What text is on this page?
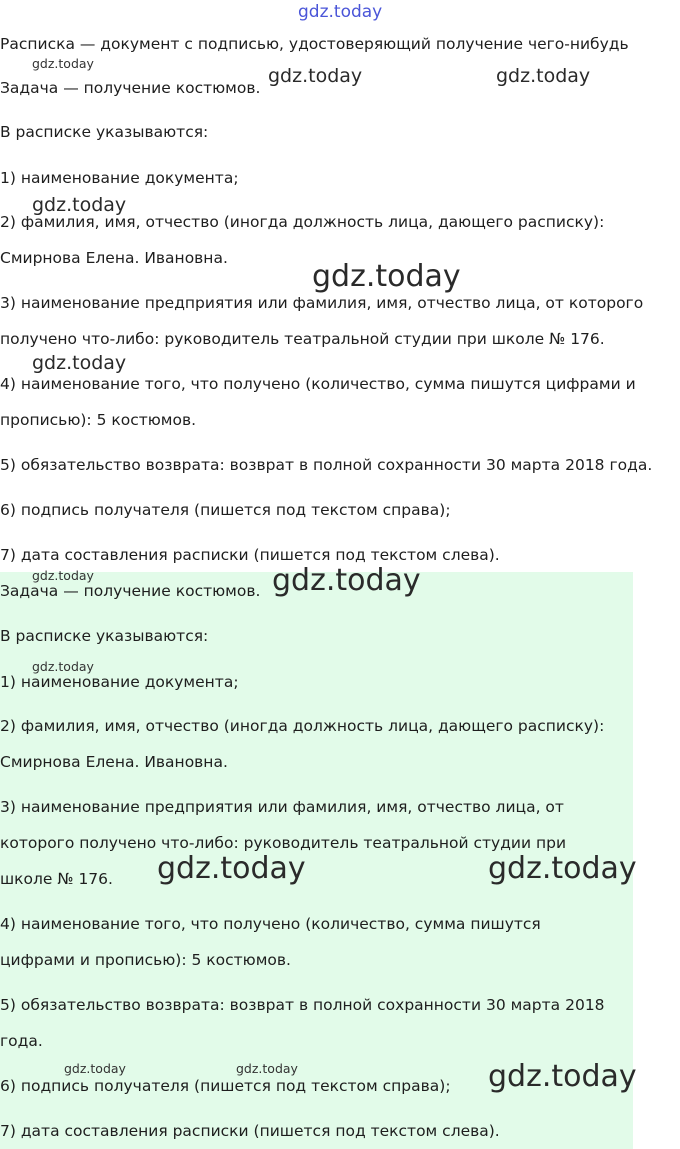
Расписка — документ с подписью, удостоверяющий получение чего-нибудь
Задача — получение костюмов.
В расписке указываются:
1) наименование документа;
2) фамилия, имя, отчество (иногда должность лица, дающего расписку):
Смирнова Елена. Ивановна.
3) наименование предприятия или фамилия, имя, отчество лица, от которого
получено что-либо: руководитель театральной студии при школе № 176.
4) наименование того, что получено (количество, сумма пишутся цифрами и
прописью): 5 костюмов.
5) обязательство возврата: возврат в полной сохранности 30 марта 2018 года.
6) подпись получателя (пишется под текстом справа);
7) дата составления расписки (пишется под текстом слева).
Задача — получение костюмов.
В расписке указываются:
1) наименование документа;
2) фамилия, имя, отчество (иногда должность лица, дающего расписку):
Смирнова Елена. Ивановна.
3) наименование предприятия или фамилия, имя, отчество лица, от
которого получено что-либо: руководитель театральной студии при
школе № 176.
4) наименование того, что получено (количество, сумма пишутся
цифрами и прописью): 5 костюмов.
5) обязательство возврата: возврат в полной сохранности 30 марта 2018
года.
6) подпись получателя (пишется под текстом справа);
7) дата составления расписки (пишется под текстом слева).
gdz.today
gdz.today
gdz.today	gdz.today
gdz.today
gdz.today
gdz.today
gdz.today	gdz.today
gdz.today
gdz.today	gdz.today
gdz.today	gdz.today	gdz.today
